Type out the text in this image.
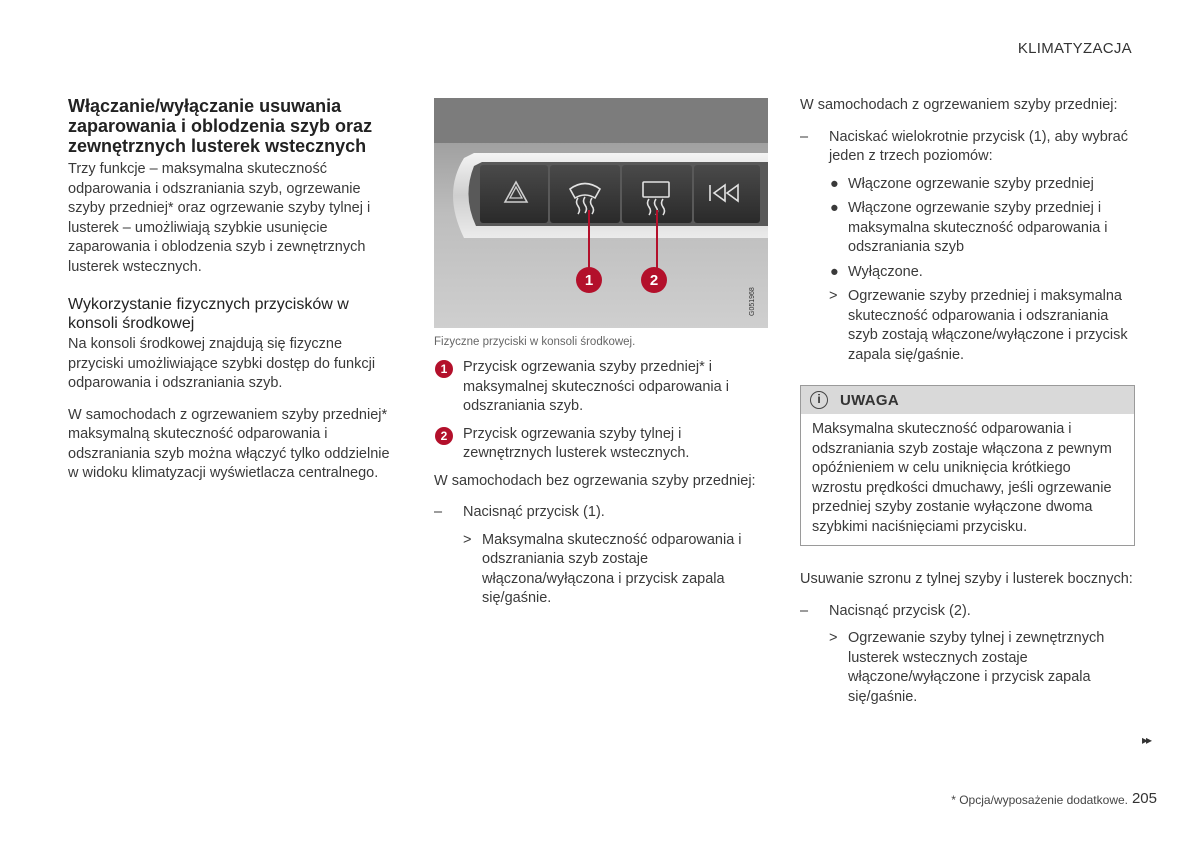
KLIMATYZACJA
Włączanie/wyłączanie usuwania zaparowania i oblodzenia szyb oraz zewnętrznych lusterek wstecznych

Trzy funkcje – maksymalna skuteczność odparowania i odszraniania szyb, ogrzewanie szyby przedniej* oraz ogrzewanie szyby tylnej i lusterek – umożliwiają szybkie usunięcie zaparowania i oblodzenia szyb i zewnętrznych lusterek wstecznych.

Wykorzystanie fizycznych przycisków w konsoli środkowej

Na konsoli środkowej znajdują się fizyczne przyciski umożliwiające szybki dostęp do funkcji odparowania i odszraniania szyb.

W samochodach z ogrzewaniem szyby przedniej* maksymalną skuteczność odparowania i odszraniania szyb można włączyć tylko oddzielnie w widoku klimatyzacji wyświetlacza centralnego.

1	2
G051968
Fizyczne przyciski w konsoli środkowej.
1	Przycisk ogrzewania szyby przedniej* i maksymalnej skuteczności odparowania i odszraniania szyb.
2	Przycisk ogrzewania szyby tylnej i zewnętrznych lusterek wstecznych.

W samochodach bez ogrzewania szyby przedniej:

– Nacisnąć przycisk (1).
> Maksymalna skuteczność odparowania i odszraniania szyb zostaje włączona/wyłączona i przycisk zapala się/gaśnie.

W samochodach z ogrzewaniem szyby przedniej:

– Naciskać wielokrotnie przycisk (1), aby wybrać jeden z trzech poziomów:
● Włączone ogrzewanie szyby przedniej
● Włączone ogrzewanie szyby przedniej i maksymalna skuteczność odparowania i odszraniania szyb
● Wyłączone.
> Ogrzewanie szyby przedniej i maksymalna skuteczność odparowania i odszraniania szyb zostają włączone/wyłączone i przycisk zapala się/gaśnie.
i	UWAGA
Maksymalna skuteczność odparowania i odszraniania szyb zostaje włączona z pewnym opóźnieniem w celu uniknięcia krótkiego wzrostu prędkości dmuchawy, jeśli ogrzewanie przedniej szyby zostanie wyłączone dwoma szybkimi naciśnięciami przycisku.

Usuwanie szronu z tylnej szyby i lusterek bocznych:

– Nacisnąć przycisk (2).
> Ogrzewanie szyby tylnej i zewnętrznych lusterek wstecznych zostaje włączone/wyłączone i przycisk zapala się/gaśnie.
▸▸
* Opcja/wyposażenie dodatkowe. 205
